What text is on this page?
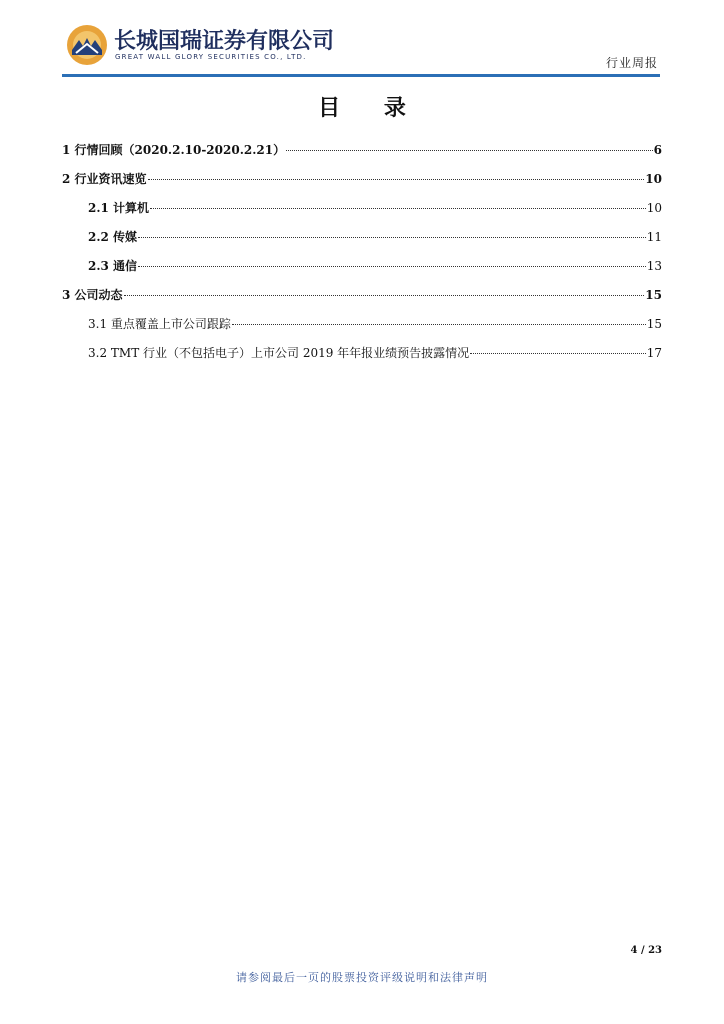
长城国瑞证券有限公司
GREAT WALL GLORY SECURITIES CO., LTD.	行业周报
目 录
1 行情回顾（2020.2.10-2020.2.21）	6
2 行业资讯速览	10
2.1 计算机	10
2.2 传媒	11
2.3 通信	13
3 公司动态	15
3.1 重点覆盖上市公司跟踪	15
3.2 TMT 行业（不包括电子）上市公司 2019 年年报业绩预告披露情况	17
4 / 23
请参阅最后一页的股票投资评级说明和法律声明
